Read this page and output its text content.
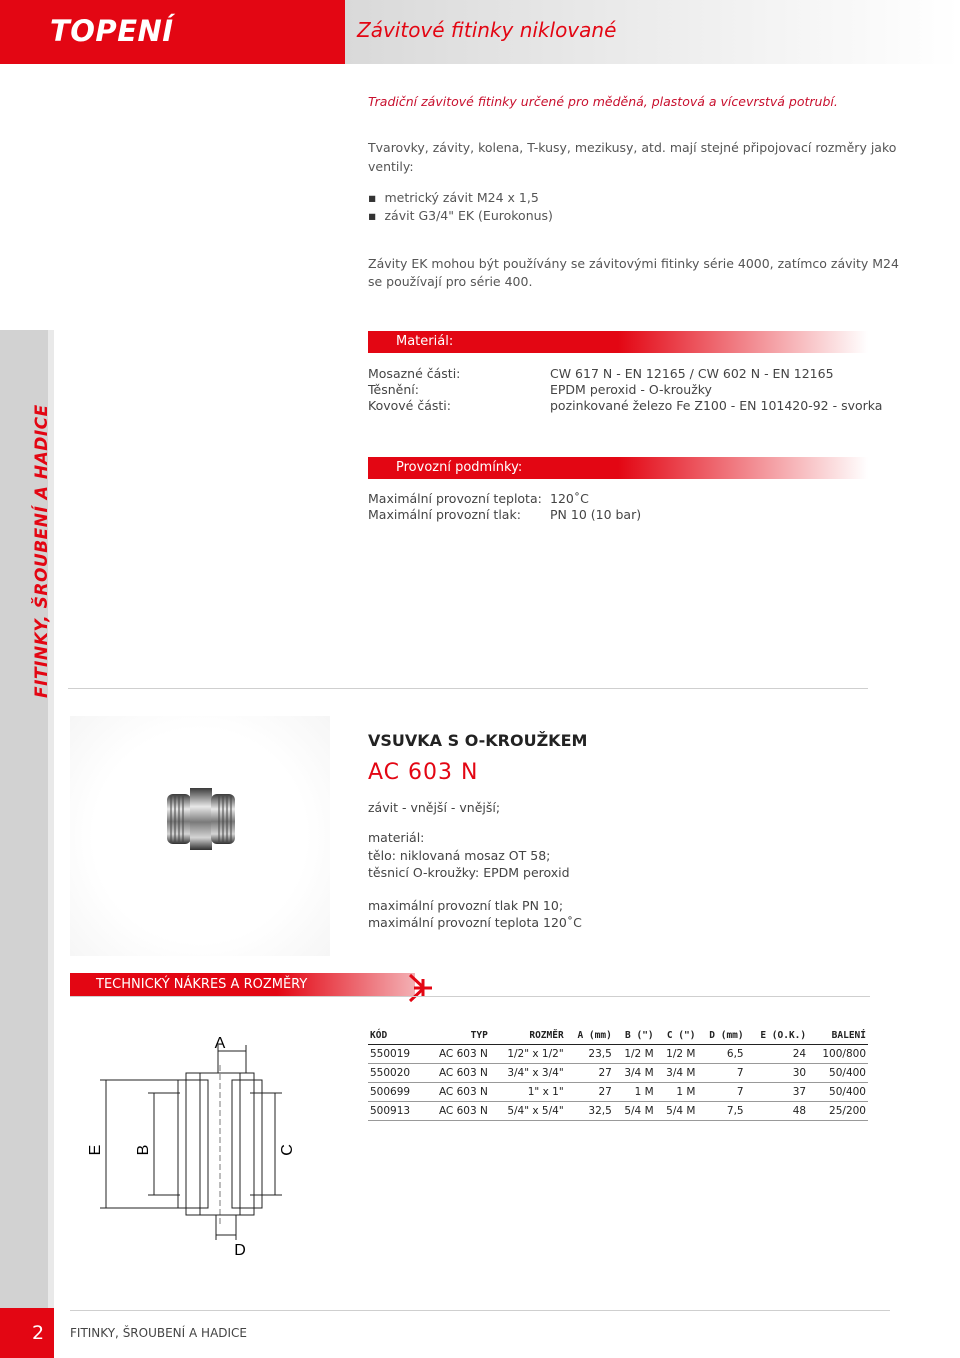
TOPENÍ	Závitové fitinky niklované
FITINKY, ŠROUBENÍ A HADICE
Tradiční závitové fitinky určené pro měděná, plastová a vícevrstvá potrubí.
Tvarovky, závity, kolena, T-kusy, mezikusy, atd. mají stejné připojovací rozměry jako
ventily:
▪ metrický závit M24 x 1,5
▪ závit G3/4" EK (Eurokonus)
Závity EK mohou být používány se závitovými fitinky série 4000, zatímco závity M24
se používají pro série 400.
Materiál:
Mosazné části:	CW 617 N - EN 12165 / CW 602 N - EN 12165
Těsnění:	EPDM peroxid - O-kroužky
Kovové části:	pozinkované železo Fe Z100 - EN 101420-92 - svorka
Provozní podmínky:
Maximální provozní teplota: 120˚C
Maximální provozní tlak: PN 10 (10 bar)
VSUVKA S O-KROUŽKEM
AC 603 N
závit - vnější - vnější;
materiál:
tělo: niklovaná mosaz OT 58;
těsnicí O-kroužky: EPDM peroxid
maximální provozní tlak PN 10;
maximální provozní teplota 120˚C
TECHNICKÝ NÁKRES A ROZMĚRY
A
D
E B	C
KÓD	TYP	ROZMĚR	A (mm)	B (")	C (")	D (mm)	E (O.K.)	BALENÍ
550019	AC 603 N	1/2" x 1/2"	23,5	1/2 M	1/2 M	6,5	24	100/800
550020	AC 603 N	3/4" x 3/4"	27	3/4 M	3/4 M	7	30	50/400
500699	AC 603 N	1" x 1"	27	1 M	1 M	7	37	50/400
500913	AC 603 N	5/4" x 5/4"	32,5	5/4 M	5/4 M	7,5	48	25/200
2 FITINKY, ŠROUBENÍ A HADICE
